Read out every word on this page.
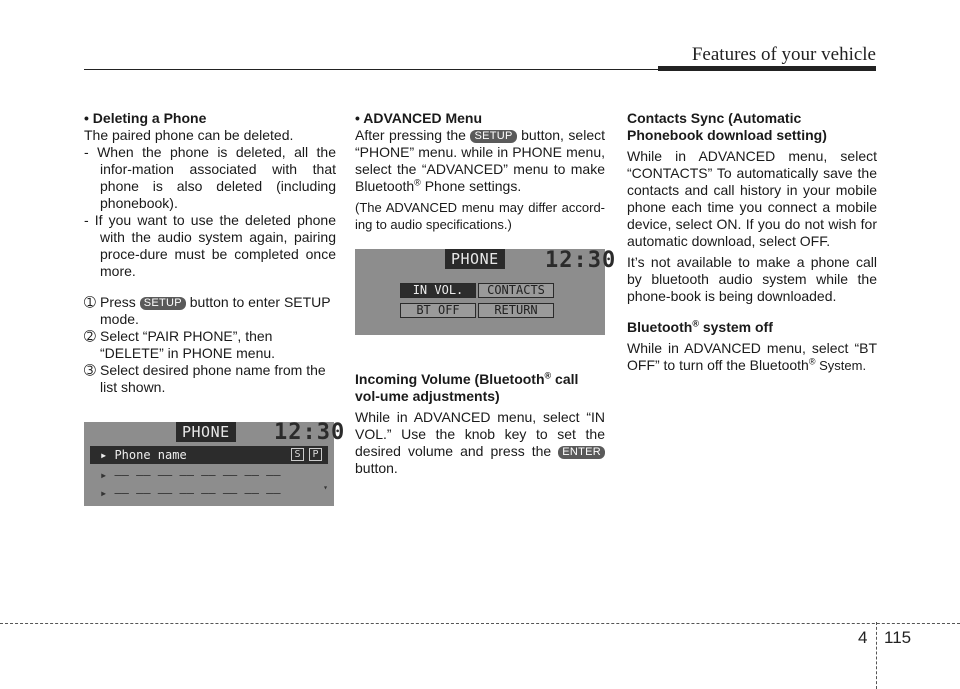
Features of your vehicle
• Deleting a Phone
The paired phone can be deleted.
- When the phone is deleted, all the infor-mation associated with that phone is also deleted (including phonebook).
- If you want to use the deleted phone with the audio system again, pairing proce-dure must be completed once more.
➀ Press SETUP button to enter SETUP mode.
➁ Select “PAIR PHONE”, then “DELETE” in PHONE menu.
➂ Select desired phone name from the list shown.
PHONE 12:30
▸ Phone name	S	P
▸ –– –– –– –– –– –– –– ––
▸ –– –– –– –– –– –– –– ––	▾
• ADVANCED Menu
After pressing the SETUP button, select “PHONE” menu. while in PHONE menu, select the “ADVANCED” menu to make Bluetooth® Phone settings.
(The ADVANCED menu may differ accord-ing to audio specifications.)
PHONE 12:30
IN VOL.	CONTACTS
BT OFF	RETURN
Incoming Volume (Bluetooth® call vol-ume adjustments)
While in ADVANCED menu, select “IN VOL.” Use the knob key to set the desired volume and press the ENTER button.
Contacts Sync (Automatic Phonebook download setting)
While in ADVANCED menu, select “CONTACTS” To automatically save the contacts and call history in your mobile phone each time you connect a mobile device, select ON. If you do not wish for automatic download, select OFF.
It’s not available to make a phone call by bluetooth audio system while the phone-book is being downloaded.
Bluetooth® system off
While in ADVANCED menu, select “BT OFF” to turn off the Bluetooth® System.
4 115
